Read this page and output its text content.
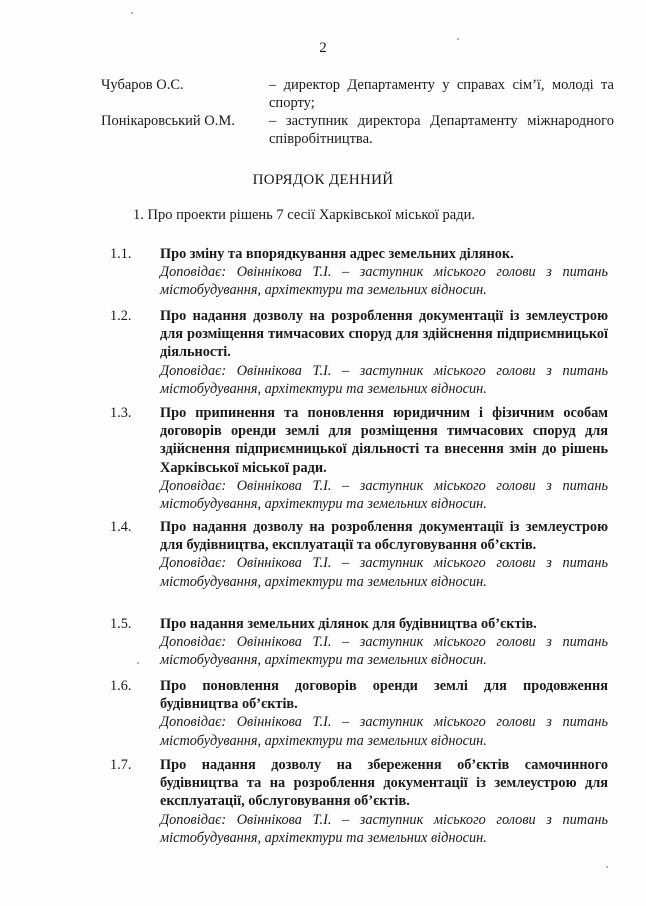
2
Чубаров О.С.	– директор Департаменту у справах сім’ї, молоді та спорту;
Понікаровський О.М.	– заступник директора Департаменту міжнародного співробітництва.
ПОРЯДОК ДЕННИЙ
1. Про проекти рішень 7 сесії Харківської міської ради.
1.1.	Про зміну та впорядкування адрес земельних ділянок.
Доповідає: Овіннікова Т.І. – заступник міського голови з питань містобудування, архітектури та земельних відносин.
1.2.	Про надання дозволу на розроблення документації із землеустрою для розміщення тимчасових споруд для здійснення підприємницької діяльності.
Доповідає: Овіннікова Т.І. – заступник міського голови з питань містобудування, архітектури та земельних відносин.
1.3.	Про припинення та поновлення юридичним і фізичним особам договорів оренди землі для розміщення тимчасових споруд для здійснення підприємницької діяльності та внесення змін до рішень Харківської міської ради.
Доповідає: Овіннікова Т.І. – заступник міського голови з питань містобудування, архітектури та земельних відносин.
1.4.	Про надання дозволу на розроблення документації із землеустрою для будівництва, експлуатації та обслуговування об’єктів.
Доповідає: Овіннікова Т.І. – заступник міського голови з питань містобудування, архітектури та земельних відносин.
1.5.	Про надання земельних ділянок для будівництва об’єктів.
Доповідає: Овіннікова Т.І. – заступник міського голови з питань містобудування, архітектури та земельних відносин.
1.6.	Про поновлення договорів оренди землі для продовження будівництва об’єктів.
Доповідає: Овіннікова Т.І. – заступник міського голови з питань містобудування, архітектури та земельних відносин.
1.7.	Про надання дозволу на збереження об’єктів самочинного будівництва та на розроблення документації із землеустрою для експлуатації, обслуговування об’єктів.
Доповідає: Овіннікова Т.І. – заступник міського голови з питань містобудування, архітектури та земельних відносин.
